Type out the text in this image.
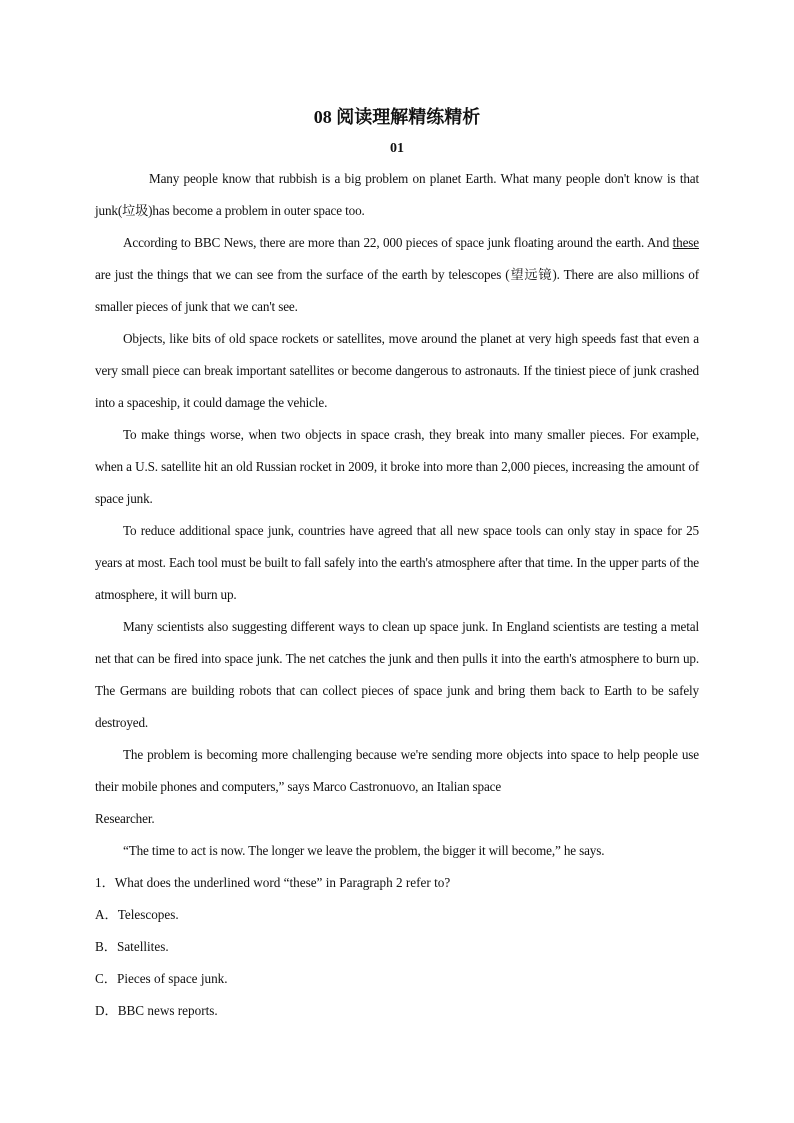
08 阅读理解精练精析
01

Many people know that rubbish is a big problem on planet Earth. What many people don't know is that junk(垃圾)has become a problem in outer space too.

According to BBC News, there are more than 22, 000 pieces of space junk floating around the earth. And these are just the things that we can see from the surface of the earth by telescopes (望远镜). There are also millions of smaller pieces of junk that we can't see.

Objects, like bits of old space rockets or satellites, move around the planet at very high speeds fast that even a very small piece can break important satellites or become dangerous to astronauts. If the tiniest piece of junk crashed into a spaceship, it could damage the vehicle.

To make things worse, when two objects in space crash, they break into many smaller pieces. For example, when a U.S. satellite hit an old Russian rocket in 2009, it broke into more than 2,000 pieces, increasing the amount of space junk.

To reduce additional space junk, countries have agreed that all new space tools can only stay in space for 25 years at most. Each tool must be built to fall safely into the earth's atmosphere after that time. In the upper parts of the atmosphere, it will burn up.

Many scientists also suggesting different ways to clean up space junk. In England scientists are testing a metal net that can be fired into space junk. The net catches the junk and then pulls it into the earth's atmosphere to burn up. The Germans are building robots that can collect pieces of space junk and bring them back to Earth to be safely destroyed.

The problem is becoming more challenging because we're sending more objects into space to help people use their mobile phones and computers,” says Marco Castronuovo, an Italian space

Researcher.

“The time to act is now. The longer we leave the problem, the bigger it will become,” he says.

1．What does the underlined word “these” in Paragraph 2 refer to?

A．Telescopes.

B．Satellites.

C．Pieces of space junk.

D．BBC news reports.
